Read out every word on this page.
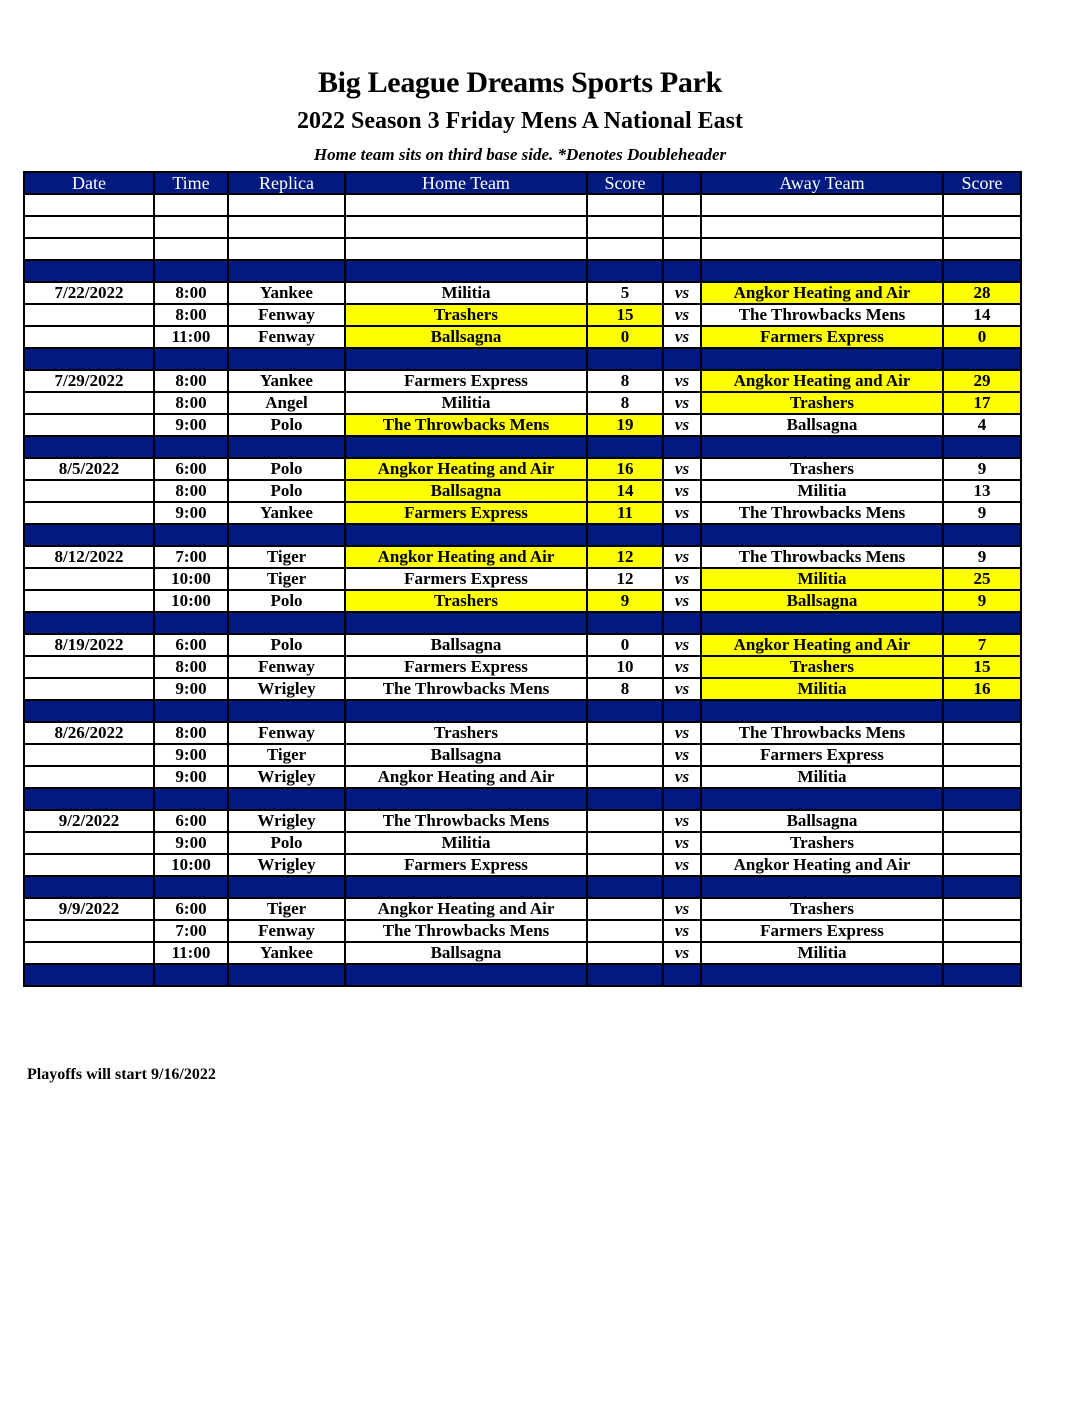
Big League Dreams Sports Park
2022 Season 3 Friday Mens A National East
Home team sits on third base side. *Denotes Doubleheader
Date	Time	Replica	Home Team	Score		Away Team	Score

7/22/2022	8:00	Yankee	Militia	5	vs	Angkor Heating and Air	28
	8:00	Fenway	Trashers	15	vs	The Throwbacks Mens	14
	11:00	Fenway	Ballsagna	0	vs	Farmers Express	0

7/29/2022	8:00	Yankee	Farmers Express	8	vs	Angkor Heating and Air	29
	8:00	Angel	Militia	8	vs	Trashers	17
	9:00	Polo	The Throwbacks Mens	19	vs	Ballsagna	4

8/5/2022	6:00	Polo	Angkor Heating and Air	16	vs	Trashers	9
	8:00	Polo	Ballsagna	14	vs	Militia	13
	9:00	Yankee	Farmers Express	11	vs	The Throwbacks Mens	9

8/12/2022	7:00	Tiger	Angkor Heating and Air	12	vs	The Throwbacks Mens	9
	10:00	Tiger	Farmers Express	12	vs	Militia	25
	10:00	Polo	Trashers	9	vs	Ballsagna	9

8/19/2022	6:00	Polo	Ballsagna	0	vs	Angkor Heating and Air	7
	8:00	Fenway	Farmers Express	10	vs	Trashers	15
	9:00	Wrigley	The Throwbacks Mens	8	vs	Militia	16

8/26/2022	8:00	Fenway	Trashers		vs	The Throwbacks Mens	
	9:00	Tiger	Ballsagna		vs	Farmers Express	
	9:00	Wrigley	Angkor Heating and Air		vs	Militia	

9/2/2022	6:00	Wrigley	The Throwbacks Mens		vs	Ballsagna	
	9:00	Polo	Militia		vs	Trashers	
	10:00	Wrigley	Farmers Express		vs	Angkor Heating and Air	

9/9/2022	6:00	Tiger	Angkor Heating and Air		vs	Trashers	
	7:00	Fenway	The Throwbacks Mens		vs	Farmers Express	
	11:00	Yankee	Ballsagna		vs	Militia	

Playoffs will start 9/16/2022
